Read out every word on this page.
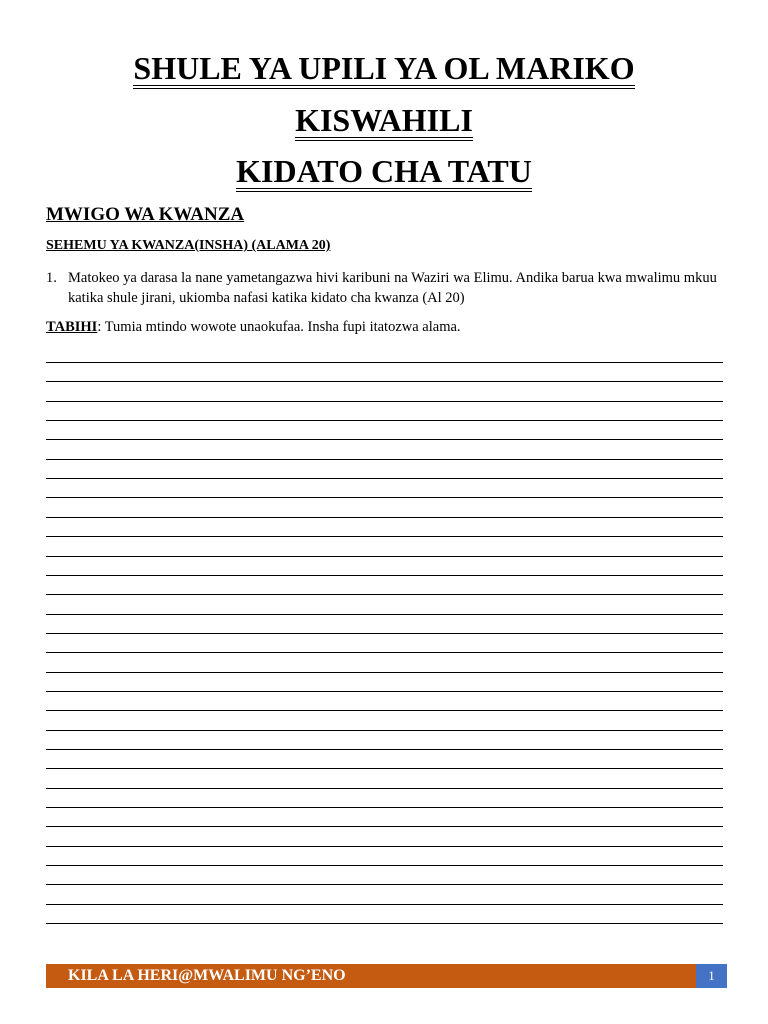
SHULE YA UPILI YA OL MARIKO
KISWAHILI
KIDATO CHA TATU
MWIGO WA KWANZA
SEHEMU YA KWANZA(INSHA) (ALAMA 20)
1. Matokeo ya darasa la nane yametangazwa hivi karibuni na Waziri wa Elimu. Andika barua kwa mwalimu mkuu katika shule jirani, ukiomba nafasi katika kidato cha kwanza (Al 20)

TABIHI: Tumia mtindo wowote unaokufaa. Insha fupi itatozwa alama.

KILA LA HERI@MWALIMU NG’ENO	1
